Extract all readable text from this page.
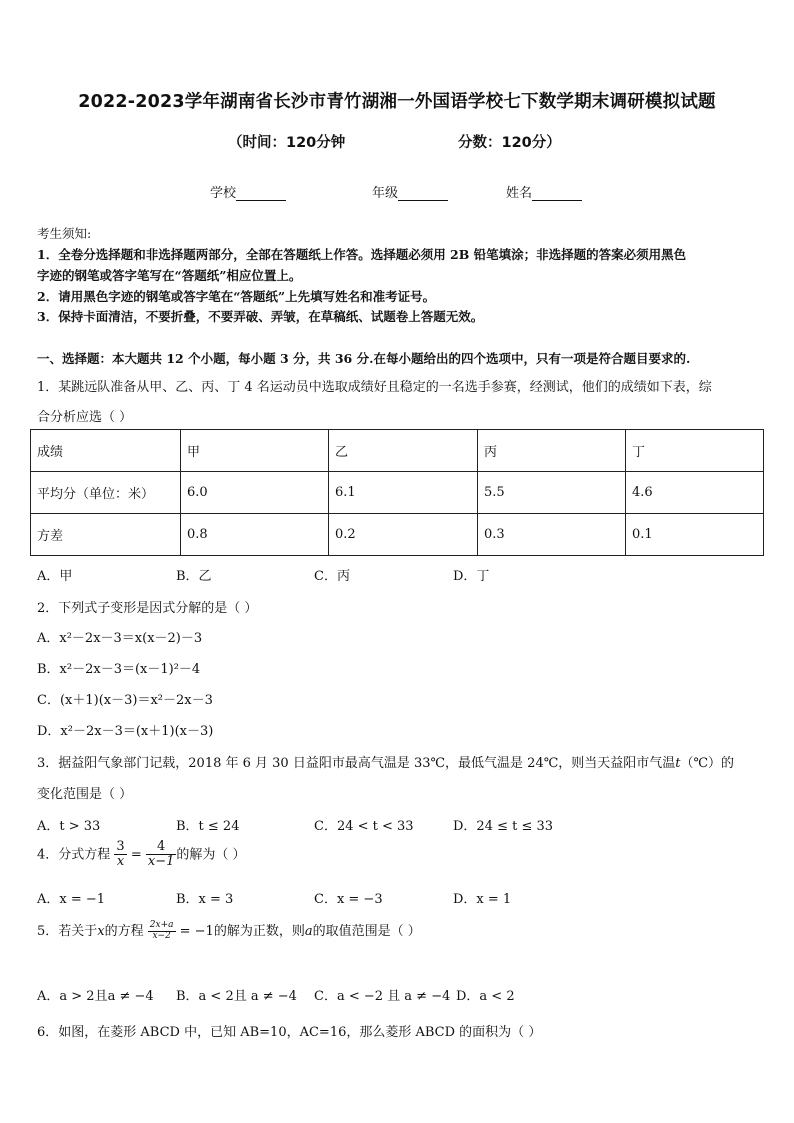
2022-2023学年湖南省长沙市青竹湖湘一外国语学校七下数学期末调研模拟试题
（时间：120分钟	分数：120分）
学校	年级	姓名
考生须知:
1．全卷分选择题和非选择题两部分，全部在答题纸上作答。选择题必须用 2B 铅笔填涂；非选择题的答案必须用黑色
字迹的钢笔或答字笔写在“答题纸”相应位置上。
2．请用黑色字迹的钢笔或答字笔在“答题纸”上先填写姓名和准考证号。
3．保持卡面清洁，不要折叠，不要弄破、弄皱，在草稿纸、试题卷上答题无效。
一、选择题：本大题共 12 个小题，每小题 3 分，共 36 分.在每小题给出的四个选项中，只有一项是符合题目要求的.
1．某跳远队准备从甲、乙、丙、丁 4 名运动员中选取成绩好且稳定的一名选手参赛，经测试，他们的成绩如下表，综
合分析应选（ ）
成绩	甲	乙	丙	丁
平均分（单位：米）	6.0	6.1	5.5	4.6
方差	0.8	0.2	0.3	0.1
A．甲	B．乙	C．丙	D．丁
2．下列式子变形是因式分解的是（ ）
A．x²－2x－3＝x(x－2)－3
B．x²－2x－3＝(x－1)²－4
C．(x＋1)(x－3)＝x²－2x－3
D．x²－2x－3＝(x＋1)(x－3)
3．据益阳气象部门记载，2018 年 6 月 30 日益阳市最高气温是 33℃，最低气温是 24℃，则当天益阳市气温t（℃）的
变化范围是（ ）
A．t > 33	B．t ≤ 24	C．24 < t < 33	D．24 ≤ t ≤ 33
4．分式方程 $\frac{3}{x} = \frac{4}{x-1}$ 的解为（ ）
A．x = −1	B．x = 3	C．x = −3	D．x = 1
5．若关于x的方程 $\frac{2x+a}{x-2} = -1$的解为正数，则a的取值范围是（ ）
A．a > 2且a ≠ −4 B．a < 2且 a ≠ −4 C．a < −2 且 a ≠ −4 D．a < 2
6．如图，在菱形 ABCD 中，已知 AB=10，AC=16，那么菱形 ABCD 的面积为（ ）
